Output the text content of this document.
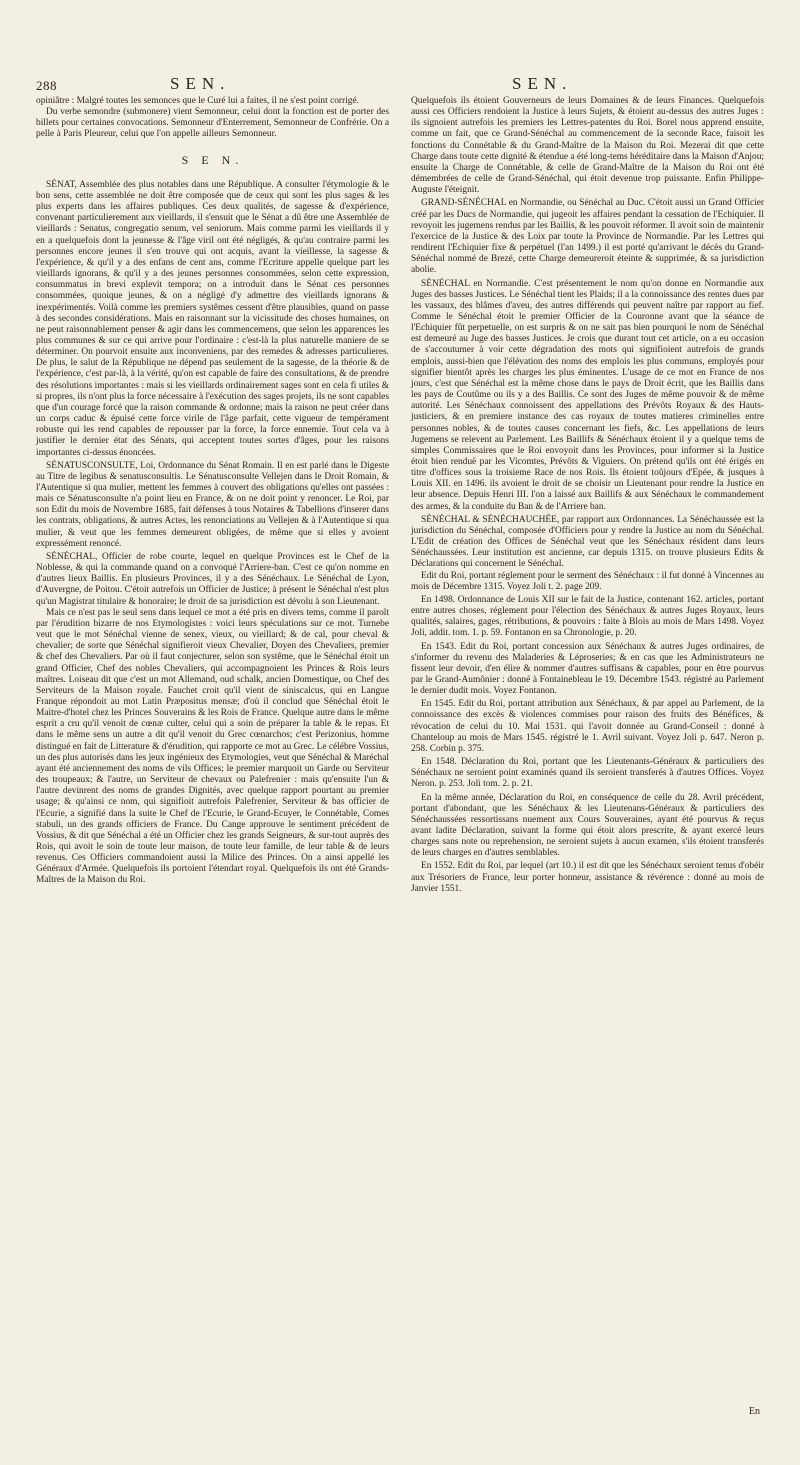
288	SEN.	SEN.

opiniâtre : Malgré toutes les semonces que le Curé lui a faites, il ne s'est point corrigé.

Du verbe semondre (submonere) vient Semonneur, celui dont la fonction est de porter des billets pour certaines convocations. Semonneur d'Enterrement, Semonneur de Confrérie. On a pelle à Paris Pleureur, celui que l'on appelle ailleurs Semonneur.

S E N.

SÉNAT, Assemblée des plus notables dans une République. A consulter l'étymologie & le bon sens, cette assemblée ne doit être composée que de ceux qui sont les plus sages & les plus experts dans les affaires publiques. Ces deux qualités, de sagesse & d'expérience, convenant particulierement aux vieillards, il s'ensuit que le Sénat a dû être une Assemblée de vieillards : Senatus, congregatio senum, vel seniorum. Mais comme parmi les vieillards il y en a quelquefois dont la jeunesse & l'âge viril ont été négligés, & qu'au contraire parmi les personnes encore jeunes il s'en trouve qui ont acquis, avant la vieillesse, la sagesse & l'expérience, & qu'il y a des enfans de cent ans, comme l'Ecriture appelle quelque part les vieillards ignorans, & qu'il y a des jeunes personnes consommées, selon cette expression, consummatus in brevi explevit tempora; on a introduit dans le Sénat ces personnes consommées, quoique jeunes, & on a négligé d'y admettre des vieillards ignorans & inexpérimentés. Voilà comme les premiers systêmes cessent d'être plausibles, quand on passe à des secondes considérations. Mais en raisonnant sur la vicissitude des choses humaines, on ne peut raisonnablement penser & agir dans les commencemens, que selon les apparences les plus communes & sur ce qui arrive pour l'ordinaire : c'est-là la plus naturelle maniere de se déterminer. On pourvoit ensuite aux inconveniens, par des remedes & adresses particulieres. De plus, le salut de la République ne dépend pas seulement de la sagesse, de la théorie & de l'expérience, c'est par-là, à la vérité, qu'on est capable de faire des consultations, & de prendre des résolutions importantes : mais si les vieillards ordinairement sages sont en cela fi utiles & si propres, ils n'ont plus la force nécessaire à l'exécution des sages projets, ils ne sont capables que d'un courage forcé que la raison commande & ordonne; mais la raison ne peut créer dans un corps caduc & épuisé cette force virile de l'âge parfait, cette vigueur de tempérament robuste qui les rend capables de repousser par la force, la force ennemie. Tout cela va à justifier le dernier état des Sénats, qui acceptent toutes sortes d'âges, pour les raisons importantes ci-dessus énoncées.

SÉNATUSCONSULTE, Loi, Ordonnance du Sénat Romain. Il en est parlé dans le Digeste au Titre de legibus & senatusconsultis. Le Sénatusconsulte Vellejen dans le Droit Romain, & l'Autentique si qua mulier, mettent les femmes à couvert des obligations qu'elles ont passées : mais ce Sénatusconsulte n'a point lieu en France, & on ne doit point y renoncer. Le Roi, par son Edit du mois de Novembre 1685, fait défenses à tous Notaires & Tabellions d'inserer dans les contrats, obligations, & autres Actes, les renonciations au Vellejen & à l'Autentique si qua mulier, & veut que les femmes demeurent obligées, de même que si elles y avoient expressément renoncé.

SÉNÉCHAL, Officier de robe courte, lequel en quelque Provinces est le Chef de la Noblesse, & qui la commande quand on a convoqué l'Arriere-ban. C'est ce qu'on nomme en d'autres lieux Baillis. En plusieurs Provinces, il y a des Sénéchaux. Le Sénéchal de Lyon, d'Auvergne, de Poitou. C'étoit autrefois un Officier de Justice; à présent le Sénéchal n'est plus qu'un Magistrat titulaire & honoraire; le droit de sa jurisdiction est dévolu à son Lieutenant.

Mais ce n'est pas le seul sens dans lequel ce mot a été pris en divers tems, comme il paroît par l'érudition bizarre de nos Etymologistes : voici leurs spéculations sur ce mot. Turnebe veut que le mot Sénéchal vienne de senex, vieux, ou vieillard; & de cal, pour cheval & chevalier; de sorte que Sénéchal signifieroit vieux Chevalier, Doyen des Chevaliers, premier & chef des Chevaliers. Par où il faut conjecturer, selon son systême, que le Sénéchal étoit un grand Officier, Chef des nobles Chevaliers, qui accompagnoient les Princes & Rois leurs maîtres. Loiseau dit que c'est un mot Allemand, oud schalk, ancien Domestique, ou Chef des Serviteurs de la Maison royale. Fauchet croit qu'il vient de siniscalcus, qui en Langue Franque répondoit au mot Latin Præpositus mensæ; d'où il conclud que Sénéchal étoit le Maitre-d'hotel chez les Princes Souverains & les Rois de France. Quelque autre dans le même esprit a cru qu'il venoit de cœnæ culter, celui qui a soin de préparer la table & le repas. Et dans le même sens un autre a dit qu'il venoit du Grec cœnarchos; c'est Perizonius, homme distingué en fait de Litterature & d'érudition, qui rapporte ce mot au Grec. Le célébre Vossius, un des plus autorisés dans les jeux ingénieux des Etymologies, veut que Sénéchal & Maréchal ayant été anciennement des noms de vils Offices; le premier marquoit un Garde ou Serviteur des troupeaux; & l'autre, un Serviteur de chevaux ou Palefrenier : mais qu'ensuite l'un & l'autre devinrent des noms de grandes Dignités, avec quelque rapport pourtant au premier usage; & qu'ainsi ce nom, qui signifioit autrefois Palefrenier, Serviteur & bas officier de l'Ecurie, a signifié dans la suite le Chef de l'Ecurie, le Grand-Ecuyer, le Connétable, Comes stabuli, un des grands officiers de France. Du Cange approuve le sentiment précédent de Vossius, & dit que Sénéchal a été un Officier chez les grands Seigneurs, & sur-tout auprès des Rois, qui avoit le soin de toute leur maison, de toute leur famille, de leur table & de leurs revenus. Ces Officiers commandoient aussi la Milice des Princes. On a ainsi appellé les Généraux d'Armée. Quelquefois ils portoient l'étendart royal. Quelquefois ils ont été Grands-Maîtres de la Maison du Roi.

Quelquefois ils étoient Gouverneurs de leurs Domaines & de leurs Finances. Quelquefois aussi ces Officiers rendoient la Justice à leurs Sujets, & étoient au-dessus des autres Juges : ils signoient autrefois les premiers les Lettres-patentes du Roi. Borel nous apprend ensuite, comme un fait, que ce Grand-Sénéchal au commencement de la seconde Race, faisoit les fonctions du Connétable & du Grand-Maître de la Maison du Roi. Mezerai dit que cette Charge dans toute cette dignité & étendue a été long-tems héréditaire dans la Maison d'Anjou; ensuite la Charge de Connétable, & celle de Grand-Maître de la Maison du Roi ont été démembrées de celle de Grand-Sénéchal, qui étoit devenue trop puissante. Enfin Philippe-Auguste l'éteignit.

GRAND-SÉNÉCHAL en Normandie, ou Sénéchal au Duc. C'étoit aussi un Grand Officier créé par les Ducs de Normandie, qui jugeoit les affaires pendant la cessation de l'Echiquier. Il revoyoit les jugemens rendus par les Baillis, & les pouvoit réformer. Il avoit soin de maintenir l'exercice de la Justice & des Loix par toute la Province de Normandie. Par les Lettres qui rendirent l'Echiquier fixe & perpétuel (l'an 1499.) il est porté qu'arrivant le décès du Grand-Sénéchal nommé de Brezé, cette Charge demeureroit éteinte & supprimée, & sa jurisdiction abolie.

SÉNÉCHAL en Normandie. C'est présentement le nom qu'on donne en Normandie aux Juges des basses Justices. Le Sénéchal tient les Plaids; il a la connoissance des rentes dues par les vassaux, des blâmes d'aveu, des autres différends qui peuvent naître par rapport au fief. Comme le Sénéchal étoit le premier Officier de la Couronne avant que la séance de l'Echiquier fût perpetuelle, on est surpris & on ne sait pas bien pourquoi le nom de Sénéchal est demeuré au Juge des basses Justices. Je crois que durant tout cet article, on a eu occasion de s'accoutumer à voir cette dégradation des mots qui signifioient autrefois de grands emplois, aussi-bien que l'élévation des noms des emplois les plus communs, employés pour signifier bientôt après les charges les plus éminentes. L'usage de ce mot en France de nos jours, c'est que Sénéchal est la même chose dans le pays de Droit écrit, que les Baillis dans les pays de Coutûme ou ils y a des Baillis. Ce sont des Juges de même pouvoir & de même autorité. Les Sénéchaux connoissent des appellations des Prévôts Royaux & des Hauts-justiciers, & en premiere instance des cas royaux de toutes matieres criminelles entre personnes nobles, & de toutes causes concernant les fiefs, &c. Les appellations de leurs Jugemens se relevent au Parlement. Les Baillifs & Sénéchaux étoient il y a quelque tems de simples Commissaires que le Roi envoyoit dans les Provinces, pour informer si la Justice étoit bien renduë par les Vicomtes, Prévôts & Viguiers. On prétend qu'ils ont été érigés en titre d'offices sous la troisieme Race de nos Rois. Ils étoient toûjours d'Epée, & jusques à Louis XII. en 1496. ils avoient le droit de se choisir un Lieutenant pour rendre la Justice en leur absence. Depuis Henri III. l'on a laissé aux Baillifs & aux Sénéchaux le commandement des armes, & la conduite du Ban & de l'Arriere ban.

SÉNÉCHAL & SÉNÉCHAUCHÉE, par rapport aux Ordonnances. La Sénéchaussée est la jurisdiction du Sénéchal, composée d'Officiers pour y rendre la Justice au nom du Sénéchal. L'Edit de création des Offices de Sénéchal veut que les Sénéchaux résident dans leurs Sénéchaussées. Leur institution est ancienne, car depuis 1315. on trouve plusieurs Edits & Déclarations qui concernent le Sénéchal.

Edit du Roi, portant réglement pour le serment des Sénéchaux : il fut donné à Vincennes au mois de Décembre 1315. Voyez Joli t. 2. page 209.

En 1498. Ordonnance de Louis XII sur le fait de la Justice, contenant 162. articles, portant entre autres choses, réglement pour l'élection des Sénéchaux & autres Juges Royaux, leurs qualités, salaires, gages, rétributions, & pouvoirs : faite à Blois au mois de Mars 1498. Voyez Joli, addit. tom. 1. p. 59. Fontanon en sa Chronologie, p. 20.

En 1543. Edit du Roi, portant concession aux Sénéchaux & autres Juges ordinaires, de s'informer du revenu des Maladeries & Léproseries; & en cas que les Administrateurs ne fissent leur devoir, d'en élire & nommer d'autres suffisans & capables, pour en être pourvus par le Grand-Aumônier : donné à Fontainebleau le 19. Décembre 1543. régistré au Parlement le dernier dudit mois. Voyez Fontanon.

En 1545. Edit du Roi, portant attribution aux Sénéchaux, & par appel au Parlement, de la connoissance des excès & violences commises pour raison des fruits des Bénéfices, & révocation de celui du 10. Mai 1531. qui l'avoit donnée au Grand-Conseil : donné à Chanteloup au mois de Mars 1545. régistré le 1. Avril suivant. Voyez Joli p. 647. Neron p. 258. Corbin p. 375.

En 1548. Déclaration du Roi, portant que les Lieutenants-Généraux & particuliers des Sénéchaux ne seroient point examinés quand ils seroient transferés à d'autres Offices. Voyez Neron. p. 253. Joli tom. 2. p. 21.

En la même année, Déclaration du Roi, en conséquence de celle du 28. Avril précédent, portant d'abondant, que les Sénéchaux & les Lieutenans-Généraux & particuliers des Sénéchaussées ressortissans nuement aux Cours Souveraines, ayant été pourvus & reçus avant ladite Déclaration, suivant la forme qui étoit alors prescrite, & ayant exercé leurs charges sans note ou reprehension, ne seroient sujets à aucun examen, s'ils étoient transferés de leurs charges en d'autres semblables.

En 1552. Edit du Roi, par lequel (art 10.) il est dit que les Sénéchaux seroient tenus d'obéir aux Trésoriers de France, leur porter honneur, assistance & révérence : donné au mois de Janvier 1551.

En
